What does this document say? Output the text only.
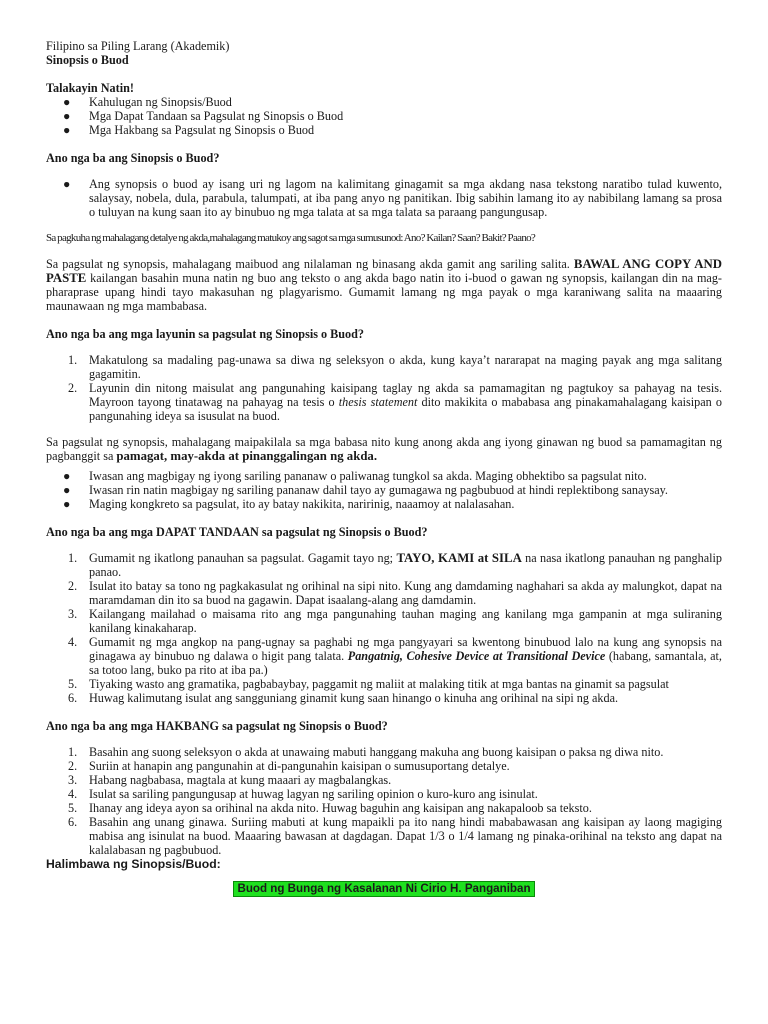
Filipino sa Piling Larang (Akademik)

Sinopsis o Buod

Talakayin Natin!

● Kahulugan ng Sinopsis/Buod
● Mga Dapat Tandaan sa Pagsulat ng Sinopsis o Buod
● Mga Hakbang sa Pagsulat ng Sinopsis o Buod

Ano nga ba ang Sinopsis o Buod?

● Ang synopsis o buod ay isang uri ng lagom na kalimitang ginagamit sa mga akdang nasa tekstong naratibo tulad kuwento, salaysay, nobela, dula, parabula, talumpati, at iba pang anyo ng panitikan. Ibig sabihin lamang ito ay nabibilang lamang sa prosa o tuluyan na kung saan ito ay binubuo ng mga talata at sa mga talata sa paraang pangungusap.

Sa pagkuha ng mahalagang detalye ng akda,mahalagang matukoy ang sagot sa mga sumusunod: Ano? Kailan? Saan? Bakit? Paano?

Sa pagsulat ng synopsis, mahalagang maibuod ang nilalaman ng binasang akda gamit ang sariling salita. BAWAL ANG COPY AND PASTE kailangan basahin muna natin ng buo ang teksto o ang akda bago natin ito i-buod o gawan ng synopsis, kailangan din na mag-pharaprase upang hindi tayo makasuhan ng plagyarismo. Gumamit lamang ng mga payak o mga karaniwang salita na maaaring maunawaan ng mga mambabasa.

Ano nga ba ang mga layunin sa pagsulat ng Sinopsis o Buod?

1. Makatulong sa madaling pag-unawa sa diwa ng seleksyon o akda, kung kaya’t nararapat na maging payak ang mga salitang gagamitin.
2. Layunin din nitong maisulat ang pangunahing kaisipang taglay ng akda sa pamamagitan ng pagtukoy sa pahayag na tesis. Mayroon tayong tinatawag na pahayag na tesis o thesis statement dito makikita o mababasa ang pinakamahalagang kaisipan o pangunahing ideya sa isusulat na buod.

Sa pagsulat ng synopsis, mahalagang maipakilala sa mga babasa nito kung anong akda ang iyong ginawan ng buod sa pamamagitan ng pagbanggit sa pamagat, may-akda at pinanggalingan ng akda.

● Iwasan ang magbigay ng iyong sariling pananaw o paliwanag tungkol sa akda. Maging obhektibo sa pagsulat nito.
● Iwasan rin natin magbigay ng sariling pananaw dahil tayo ay gumagawa ng pagbubuod at hindi replektibong sanaysay.
● Maging kongkreto sa pagsulat, ito ay batay nakikita, naririnig, naaamoy at nalalasahan.

Ano nga ba ang mga DAPAT TANDAAN sa pagsulat ng Sinopsis o Buod?

1. Gumamit ng ikatlong panauhan sa pagsulat. Gagamit tayo ng; TAYO, KAMI at SILA na nasa ikatlong panauhan ng panghalip panao.
2. Isulat ito batay sa tono ng pagkakasulat ng orihinal na sipi nito. Kung ang damdaming naghahari sa akda ay malungkot, dapat na maramdaman din ito sa buod na gagawin. Dapat isaalang-alang ang damdamin.
3. Kailangang mailahad o maisama rito ang mga pangunahing tauhan maging ang kanilang mga gampanin at mga suliraning kanilang kinakaharap.
4. Gumamit ng mga angkop na pang-ugnay sa paghabi ng mga pangyayari sa kwentong binubuod lalo na kung ang synopsis na ginagawa ay binubuo ng dalawa o higit pang talata. Pangatnig, Cohesive Device at Transitional Device (habang, samantala, at, sa totoo lang, buko pa rito at iba pa.)
5. Tiyaking wasto ang gramatika, pagbabaybay, paggamit ng maliit at malaking titik at mga bantas na ginamit sa pagsulat
6. Huwag kalimutang isulat ang sangguniang ginamit kung saan hinango o kinuha ang orihinal na sipi ng akda.

Ano nga ba ang mga HAKBANG sa pagsulat ng Sinopsis o Buod?

1. Basahin ang suong seleksyon o akda at unawaing mabuti hanggang makuha ang buong kaisipan o paksa ng diwa nito.
2. Suriin at hanapin ang pangunahin at di-pangunahin kaisipan o sumusuportang detalye.
3. Habang nagbabasa, magtala at kung maaari ay magbalangkas.
4. Isulat sa sariling pangungusap at huwag lagyan ng sariling opinion o kuro-kuro ang isinulat.
5. Ihanay ang ideya ayon sa orihinal na akda nito. Huwag baguhin ang kaisipan ang nakapaloob sa teksto.
6. Basahin ang unang ginawa. Suriing mabuti at kung mapaikli pa ito nang hindi mababawasan ang kaisipan ay laong magiging mabisa ang isinulat na buod. Maaaring bawasan at dagdagan. Dapat 1/3 o 1/4 lamang ng pinaka-orihinal na teksto ang dapat na kalalabasan ng pagbubuod.

Halimbawa ng Sinopsis/Buod:

Buod ng Bunga ng Kasalanan Ni Cirio H. Panganiban
